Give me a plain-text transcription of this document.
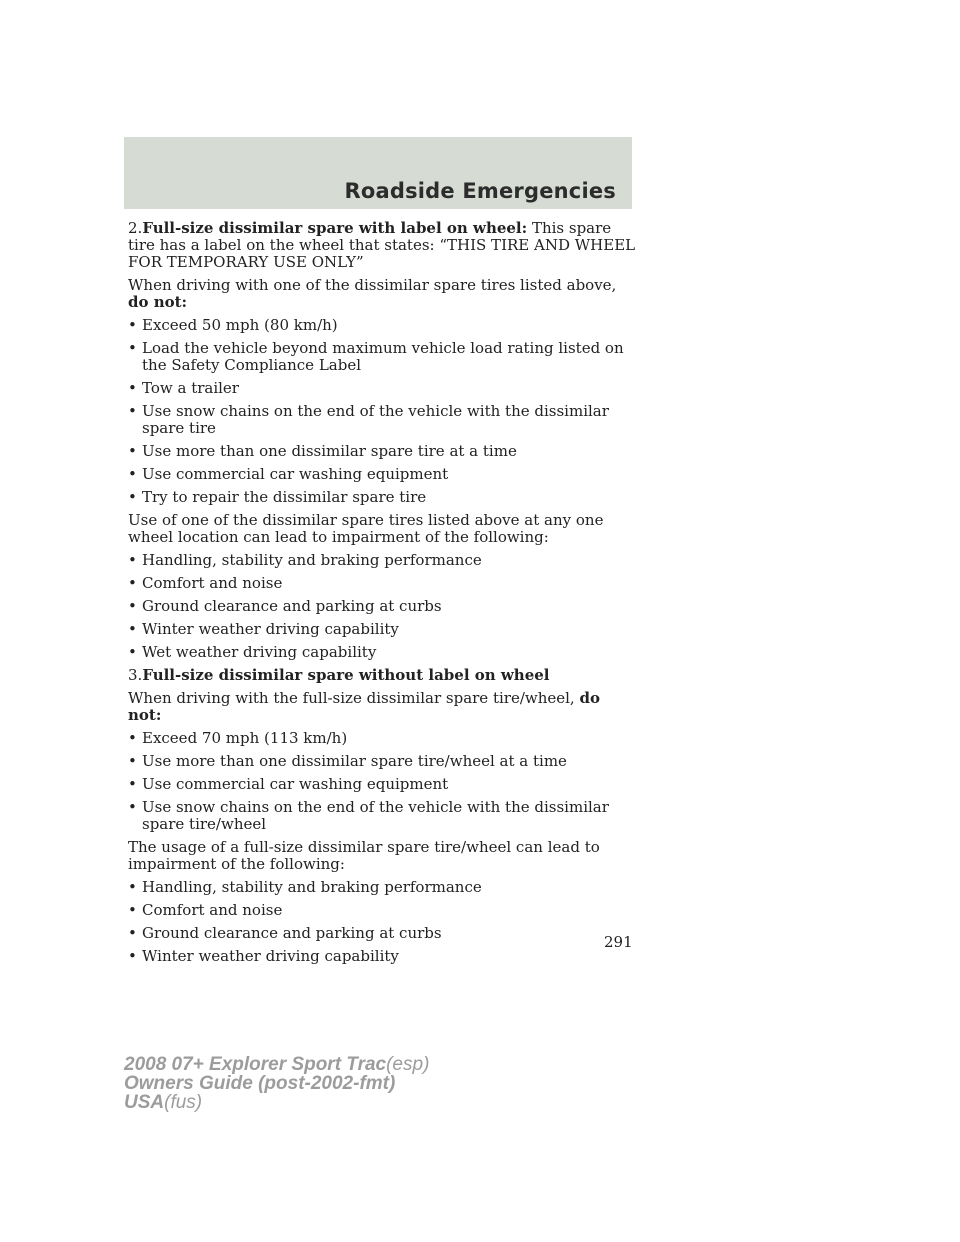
Roadside Emergencies

2.Full-size dissimilar spare with label on wheel: This spare tire has a label on the wheel that states: “THIS TIRE AND WHEEL FOR TEMPORARY USE ONLY”

When driving with one of the dissimilar spare tires listed above, do not:

• Exceed 50 mph (80 km/h)
• Load the vehicle beyond maximum vehicle load rating listed on the Safety Compliance Label
• Tow a trailer
• Use snow chains on the end of the vehicle with the dissimilar spare tire
• Use more than one dissimilar spare tire at a time
• Use commercial car washing equipment
• Try to repair the dissimilar spare tire

Use of one of the dissimilar spare tires listed above at any one wheel location can lead to impairment of the following:

• Handling, stability and braking performance
• Comfort and noise
• Ground clearance and parking at curbs
• Winter weather driving capability
• Wet weather driving capability

3.Full-size dissimilar spare without label on wheel

When driving with the full-size dissimilar spare tire/wheel, do not:

• Exceed 70 mph (113 km/h)
• Use more than one dissimilar spare tire/wheel at a time
• Use commercial car washing equipment
• Use snow chains on the end of the vehicle with the dissimilar spare tire/wheel

The usage of a full-size dissimilar spare tire/wheel can lead to impairment of the following:

• Handling, stability and braking performance
• Comfort and noise
• Ground clearance and parking at curbs
• Winter weather driving capability
291
2008 07+ Explorer Sport Trac(esp)
Owners Guide (post-2002-fmt)
USA(fus)
